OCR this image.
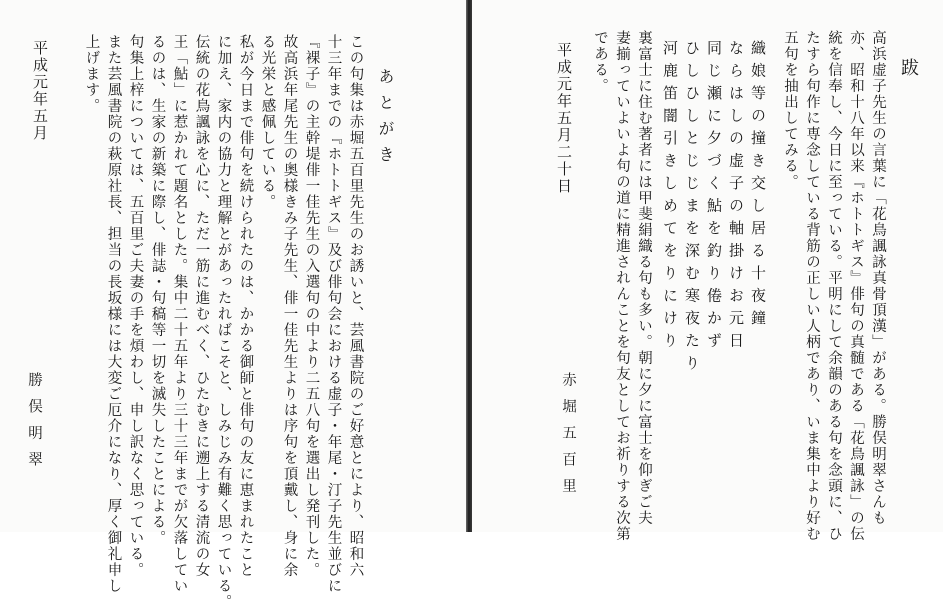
跋
高浜虚子先生の言葉に「花鳥諷詠真骨頂漢」がある。勝俣明翠さんも
亦、昭和十八年以来『ホトトギス』俳句の真髄である「花鳥諷詠」の伝
統を信奉し、今日に至っている。平明にして余韻のある句を念頭に、ひ
たすら句作に専念している背筋の正しい人柄であり、いま集中より好む
五句を抽出してみる。
織娘等の撞き交し居る十夜鐘
ならはしの虚子の軸掛けお元日
同じ瀬に夕づく鮎を釣り倦かず
ひしひしとじじまを深む寒夜たり
河鹿笛闇引きしめてをりにけり
裏富士に住む著者には甲斐絹織る句も多い。朝に夕に富士を仰ぎご夫
妻揃っていよいよ句の道に精進されんことを句友としてお祈りする次第
である。
平成元年五月二十日
赤堀五百里
あとがき
この句集は赤堀五百里先生のお誘いと、芸風書院のご好意とにより、昭和六
十三年までの『ホトトギス』及び俳句会における虚子・年尾・汀子先生並びに
『裸子』の主幹堤俳一佳先生の入選句の中より二五八句を選出し発刊した。
故高浜年尾先生の奥様きみ子先生、俳一佳先生よりは序句を頂戴し、身に余
る光栄と感佩している。
私が今日まで俳句を続けられたのは、かかる御師と俳句の友に恵まれたこと
に加え、家内の協力と理解とがあったればこそと、しみじみ有難く思っている。
伝統の花鳥諷詠を心に、ただ一筋に進むべく、ひたむきに遡上する清流の女
王「鮎」に惹かれて題名とした。集中二十五年より三十三年までが欠落してい
るのは、生家の新築に際し、俳誌・句稿等一切を滅失したことによる。
句集上梓については、五百里ご夫妻の手を煩わし、申し訳なく思っている。
また芸風書院の萩原社長、担当の長坂様には大変ご厄介になり、厚く御礼申し
上げます。
平成元年五月
勝俣明翠
